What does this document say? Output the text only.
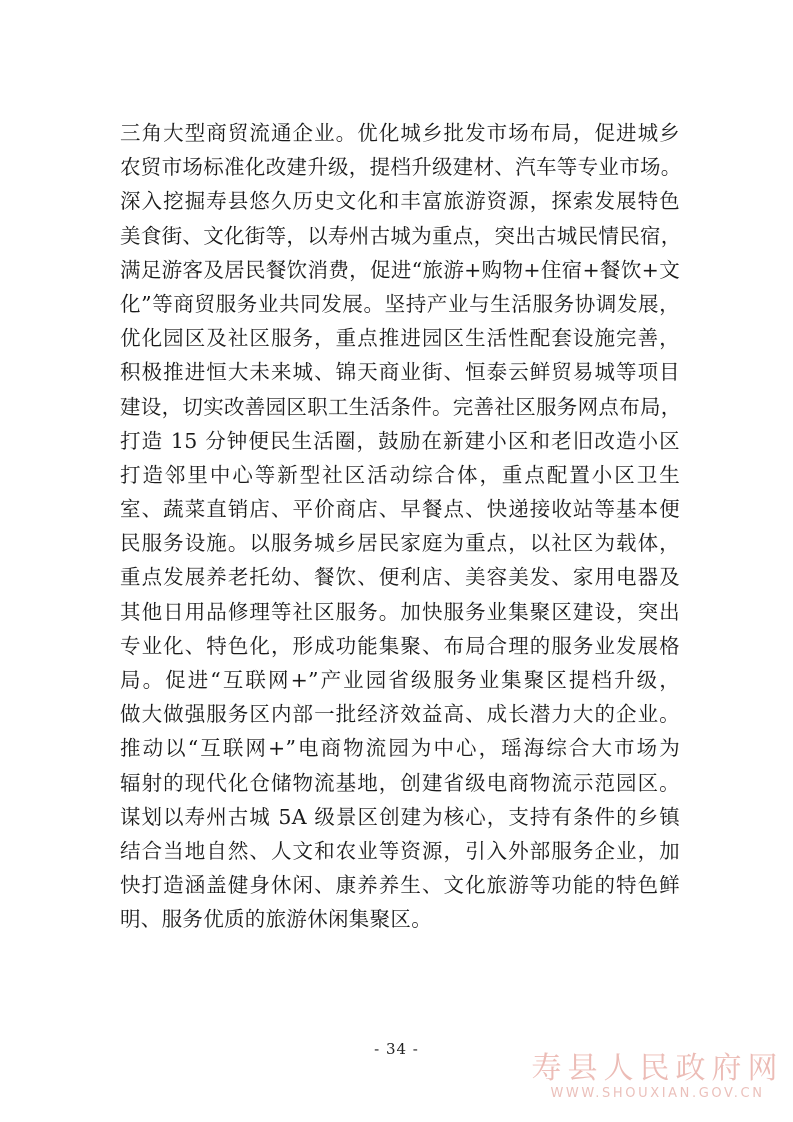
三角大型商贸流通企业。优化城乡批发市场布局，促进城乡
农贸市场标准化改建升级，提档升级建材、汽车等专业市场。
深入挖掘寿县悠久历史文化和丰富旅游资源，探索发展特色
美食街、文化街等，以寿州古城为重点，突出古城民情民宿，
满足游客及居民餐饮消费，促进“旅游+购物+住宿+餐饮+文
化”等商贸服务业共同发展。坚持产业与生活服务协调发展，
优化园区及社区服务，重点推进园区生活性配套设施完善，
积极推进恒大未来城、锦天商业街、恒泰云鲜贸易城等项目
建设，切实改善园区职工生活条件。完善社区服务网点布局，
打造 15 分钟便民生活圈，鼓励在新建小区和老旧改造小区
打造邻里中心等新型社区活动综合体，重点配置小区卫生
室、蔬菜直销店、平价商店、早餐点、快递接收站等基本便
民服务设施。以服务城乡居民家庭为重点，以社区为载体，
重点发展养老托幼、餐饮、便利店、美容美发、家用电器及
其他日用品修理等社区服务。加快服务业集聚区建设，突出
专业化、特色化，形成功能集聚、布局合理的服务业发展格
局。促进“互联网+”产业园省级服务业集聚区提档升级，
做大做强服务区内部一批经济效益高、成长潜力大的企业。
推动以“互联网+”电商物流园为中心，瑶海综合大市场为
辐射的现代化仓储物流基地，创建省级电商物流示范园区。
谋划以寿州古城 5A 级景区创建为核心，支持有条件的乡镇
结合当地自然、人文和农业等资源，引入外部服务企业，加
快打造涵盖健身休闲、康养养生、文化旅游等功能的特色鲜
明、服务优质的旅游休闲集聚区。
- 34 -
寿县人民政府网
WWW.SHOUXIAN.GOV.CN
